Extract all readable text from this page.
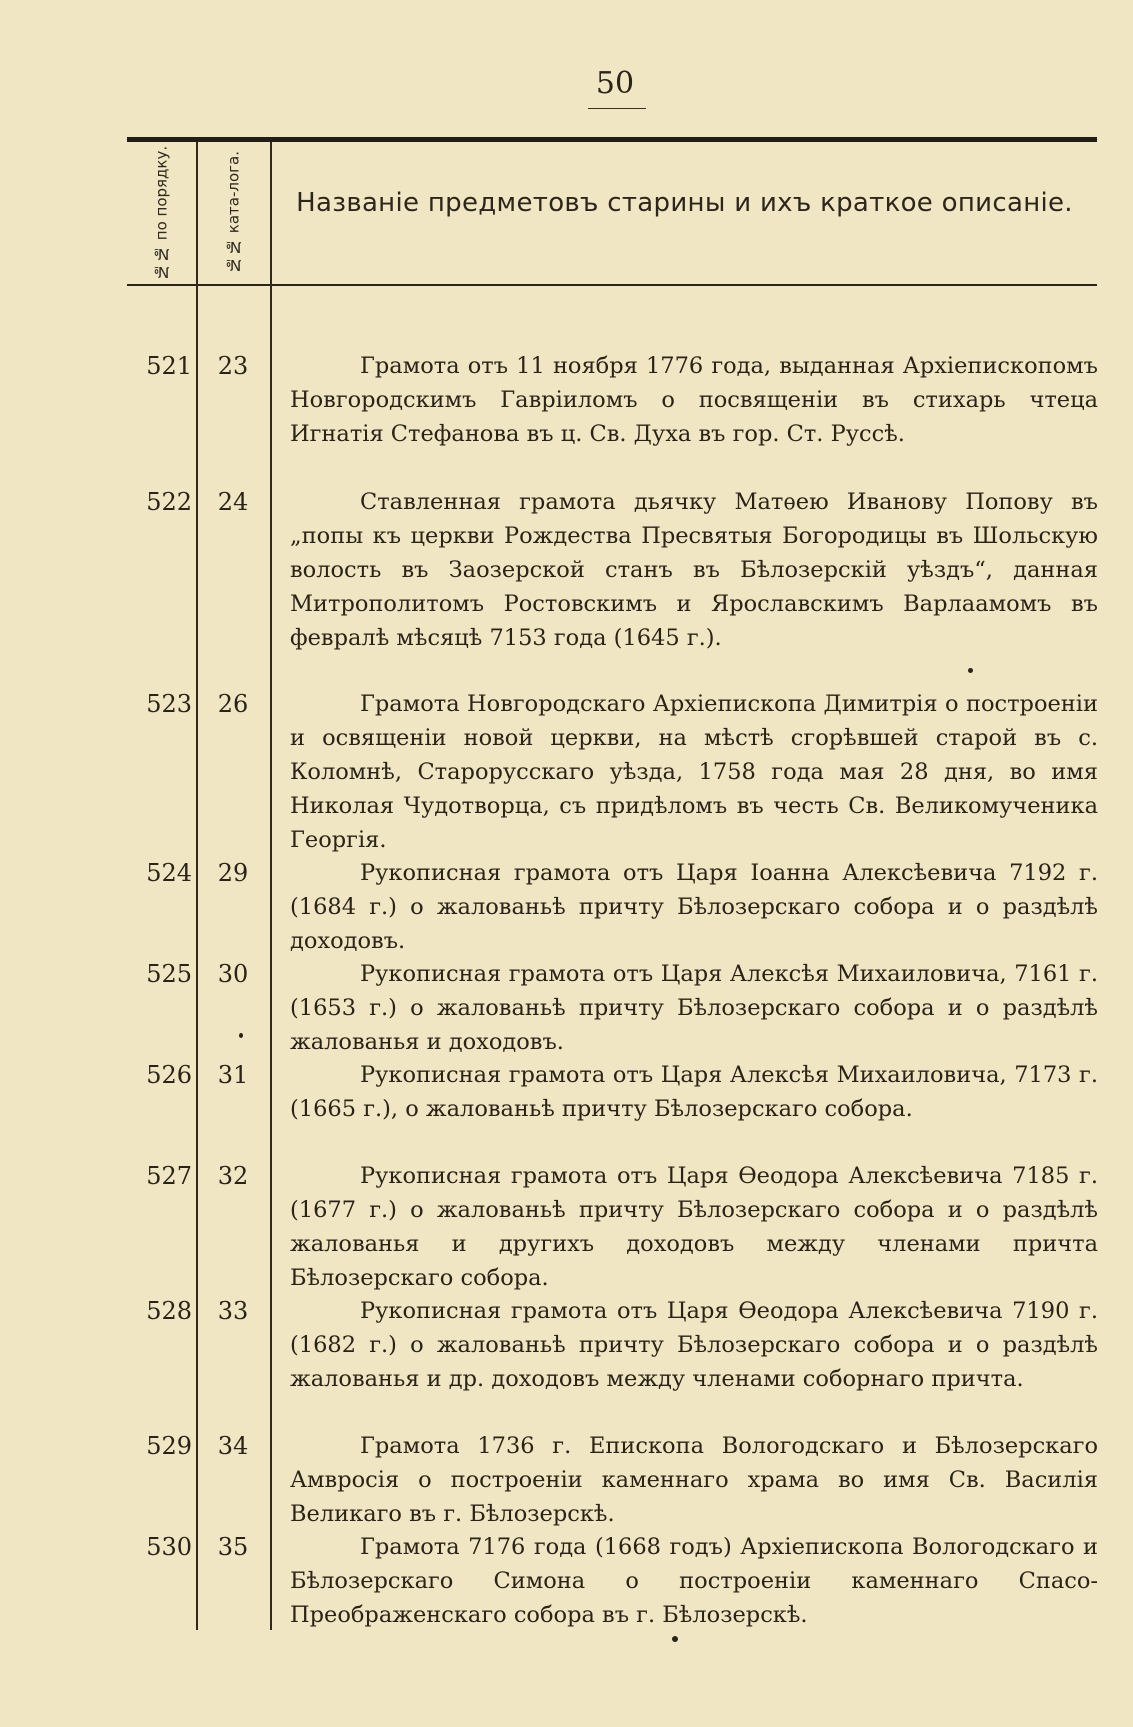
50
№№ по порядку.	№№ ката-лога.	Названіе предметовъ старины и ихъ краткое описаніе.
521	23	Грамота отъ 11 ноября 1776 года, выданная Архіепископомъ Новгородскимъ Гавріиломъ о посвященіи въ стихарь чтеца Игнатія Стефанова въ ц. Св. Духа въ гор. Ст. Руссѣ.
522	24	Ставленная грамота дьячку Матѳею Иванову Попову въ „попы къ церкви Рождества Пресвятыя Богородицы въ Шольскую волость въ Заозерской станъ въ Бѣлозерскій уѣздъ“, данная Митрополитомъ Ростовскимъ и Ярославскимъ Варлаамомъ въ февралѣ мѣсяцѣ 7153 года (1645 г.).
523	26	Грамота Новгородскаго Архіепископа Димитрія о построеніи и освященіи новой церкви, на мѣстѣ сгорѣвшей старой въ с. Коломнѣ, Старорусскаго уѣзда, 1758 года мая 28 дня, во имя Николая Чудотворца, съ придѣломъ въ честь Св. Великомученика Георгія.
524	29	Рукописная грамота отъ Царя Іоанна Алексѣевича 7192 г. (1684 г.) о жалованьѣ причту Бѣлозерскаго собора и о раздѣлѣ доходовъ.
525	30	Рукописная грамота отъ Царя Алексѣя Михаиловича, 7161 г. (1653 г.) о жалованьѣ причту Бѣлозерскаго собора и о раздѣлѣ жалованья и доходовъ.
526	31	Рукописная грамота отъ Царя Алексѣя Михаиловича, 7173 г. (1665 г.), о жалованьѣ причту Бѣлозерскаго собора.
527	32	Рукописная грамота отъ Царя Ѳеодора Алексѣевича 7185 г. (1677 г.) о жалованьѣ причту Бѣлозерскаго собора и о раздѣлѣ жалованья и другихъ доходовъ между членами причта Бѣлозерскаго собора.
528	33	Рукописная грамота отъ Царя Ѳеодора Алексѣевича 7190 г. (1682 г.) о жалованьѣ причту Бѣлозерскаго собора и о раздѣлѣ жалованья и др. доходовъ между членами соборнаго причта.
529	34	Грамота 1736 г. Епископа Вологодскаго и Бѣлозерскаго Амвросія о построеніи каменнаго храма во имя Св. Василія Великаго въ г. Бѣлозерскѣ.
530	35	Грамота 7176 года (1668 годъ) Архіепископа Вологодскаго и Бѣлозерскаго Симона о построеніи каменнаго Спасо-Преображенскаго собора въ г. Бѣлозерскѣ.
